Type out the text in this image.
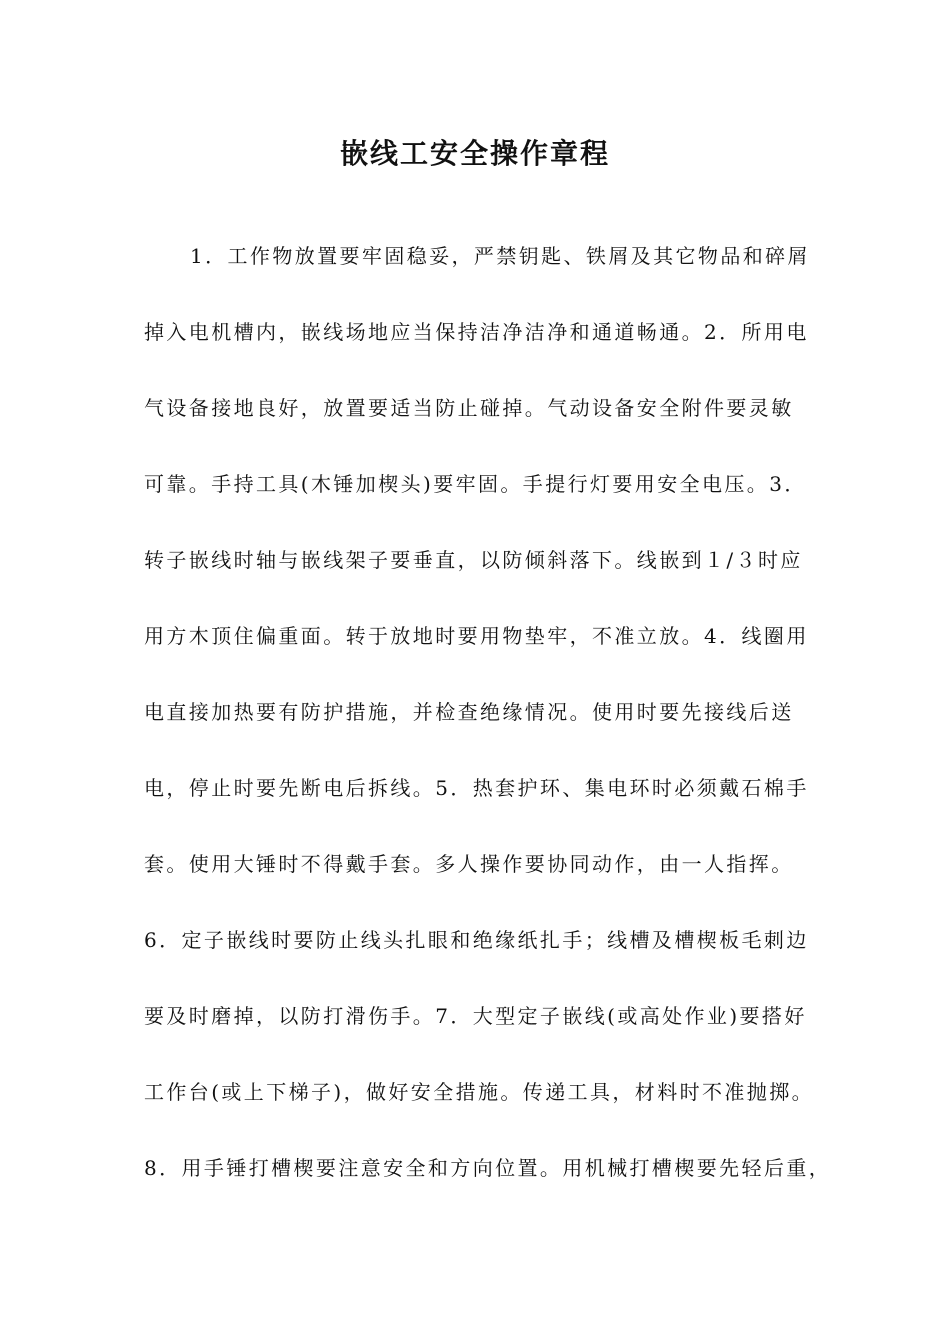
嵌线工安全操作章程
1．工作物放置要牢固稳妥，严禁钥匙、铁屑及其它物品和碎屑
掉入电机槽内，嵌线场地应当保持洁净洁净和通道畅通。2．所用电
气设备接地良好，放置要适当防止碰掉。气动设备安全附件要灵敏
可靠。手持工具(木锤加楔头)要牢固。手提行灯要用安全电压。3．
转子嵌线时轴与嵌线架子要垂直，以防倾斜落下。线嵌到１/３时应
用方木顶住偏重面。转于放地时要用物垫牢，不准立放。4．线圈用
电直接加热要有防护措施，并检查绝缘情况。使用时要先接线后送
电，停止时要先断电后拆线。5．热套护环、集电环时必须戴石棉手
套。使用大锤时不得戴手套。多人操作要协同动作，由一人指挥。
6．定子嵌线时要防止线头扎眼和绝缘纸扎手；线槽及槽楔板毛刺边
要及时磨掉，以防打滑伤手。7．大型定子嵌线(或高处作业)要搭好
工作台(或上下梯子)，做好安全措施。传递工具，材料时不准抛掷。
8．用手锤打槽楔要注意安全和方向位置。用机械打槽楔要先轻后重，
